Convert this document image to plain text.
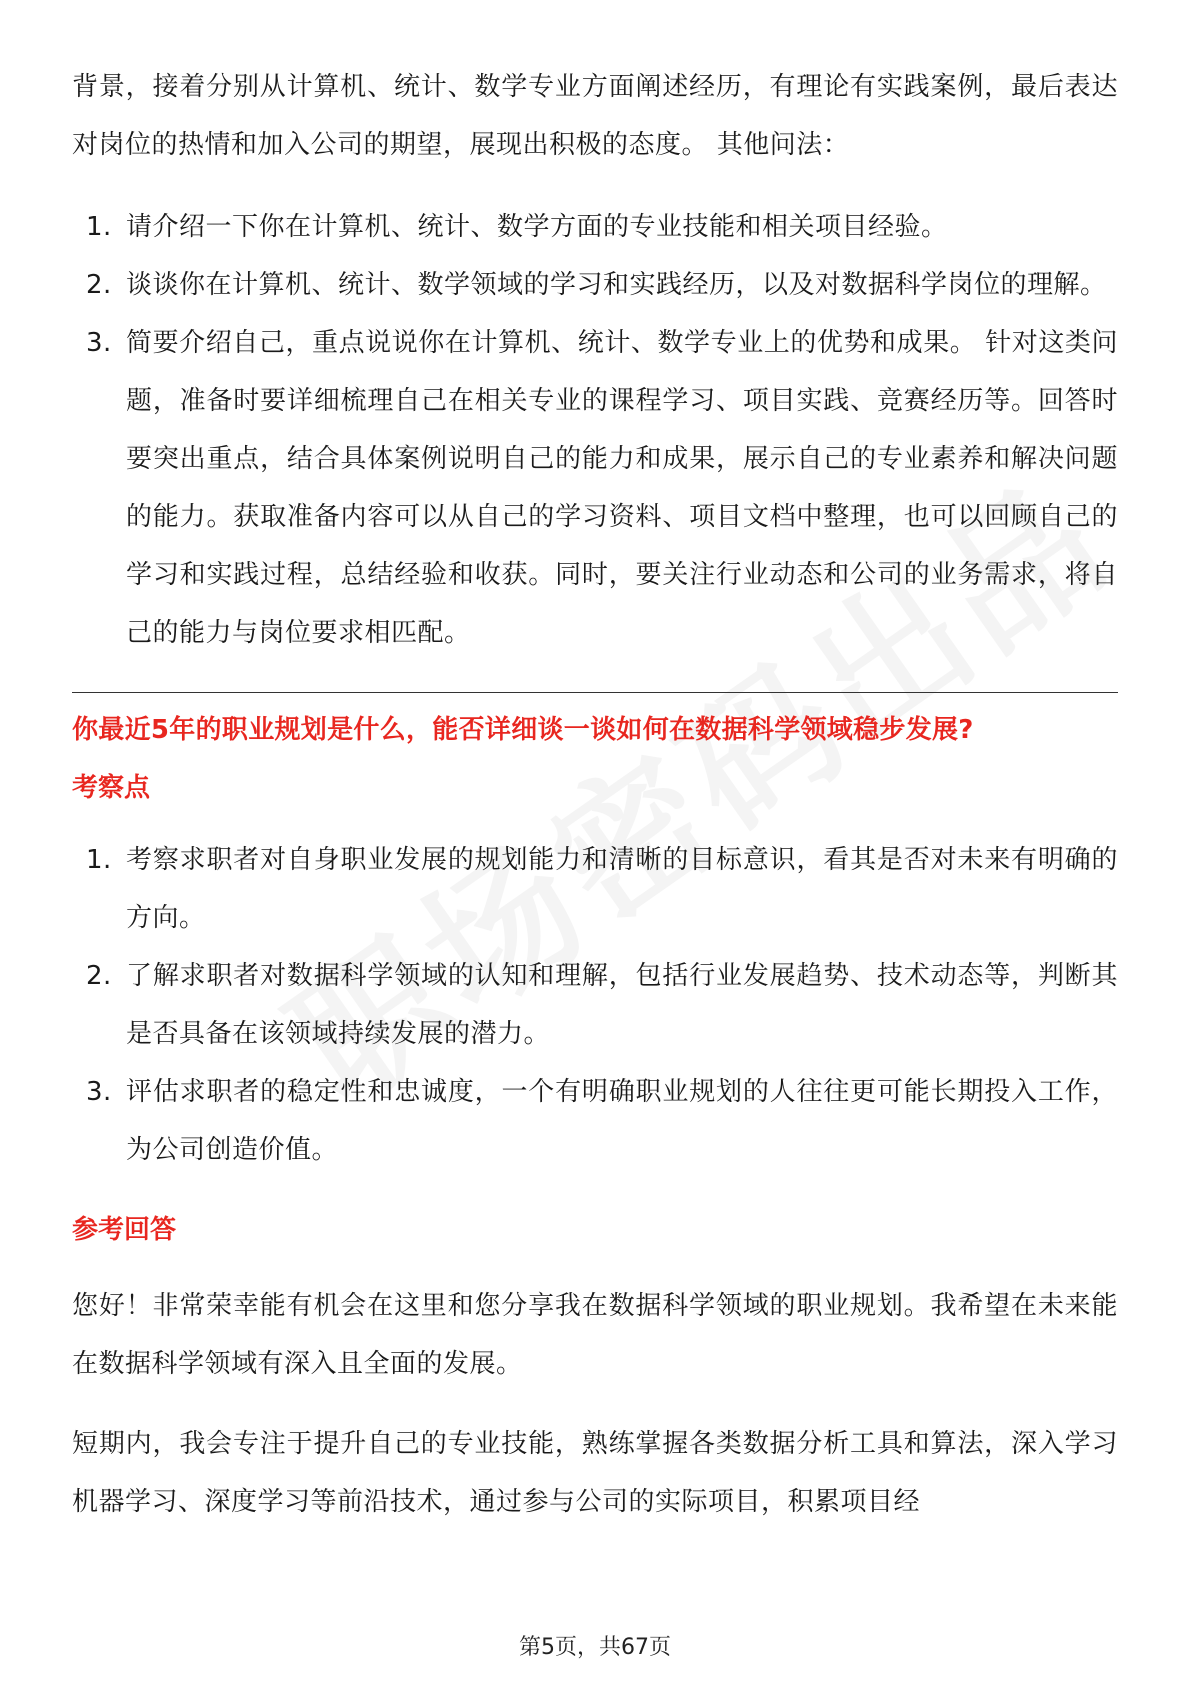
背景，接着分别从计算机、统计、数学专业方面阐述经历，有理论有实践案例，最后表达对岗位的热情和加入公司的期望，展现出积极的态度。 其他问法：

1. 请介绍一下你在计算机、统计、数学方面的专业技能和相关项目经验。
2. 谈谈你在计算机、统计、数学领域的学习和实践经历，以及对数据科学岗位的理解。
3. 简要介绍自己，重点说说你在计算机、统计、数学专业上的优势和成果。 针对这类问题，准备时要详细梳理自己在相关专业的课程学习、项目实践、竞赛经历等。回答时要突出重点，结合具体案例说明自己的能力和成果，展示自己的专业素养和解决问题的能力。获取准备内容可以从自己的学习资料、项目文档中整理，也可以回顾自己的学习和实践过程，总结经验和收获。同时，要关注行业动态和公司的业务需求，将自己的能力与岗位要求相匹配。

你最近5年的职业规划是什么，能否详细谈一谈如何在数据科学领域稳步发展?

考察点

1. 考察求职者对自身职业发展的规划能力和清晰的目标意识，看其是否对未来有明确的方向。
2. 了解求职者对数据科学领域的认知和理解，包括行业发展趋势、技术动态等，判断其是否具备在该领域持续发展的潜力。
3. 评估求职者的稳定性和忠诚度，一个有明确职业规划的人往往更可能长期投入工作，为公司创造价值。

参考回答

您好！非常荣幸能有机会在这里和您分享我在数据科学领域的职业规划。我希望在未来能在数据科学领域有深入且全面的发展。

短期内，我会专注于提升自己的专业技能，熟练掌握各类数据分析工具和算法，深入学习机器学习、深度学习等前沿技术，通过参与公司的实际项目，积累项目经

第5页，共67页
